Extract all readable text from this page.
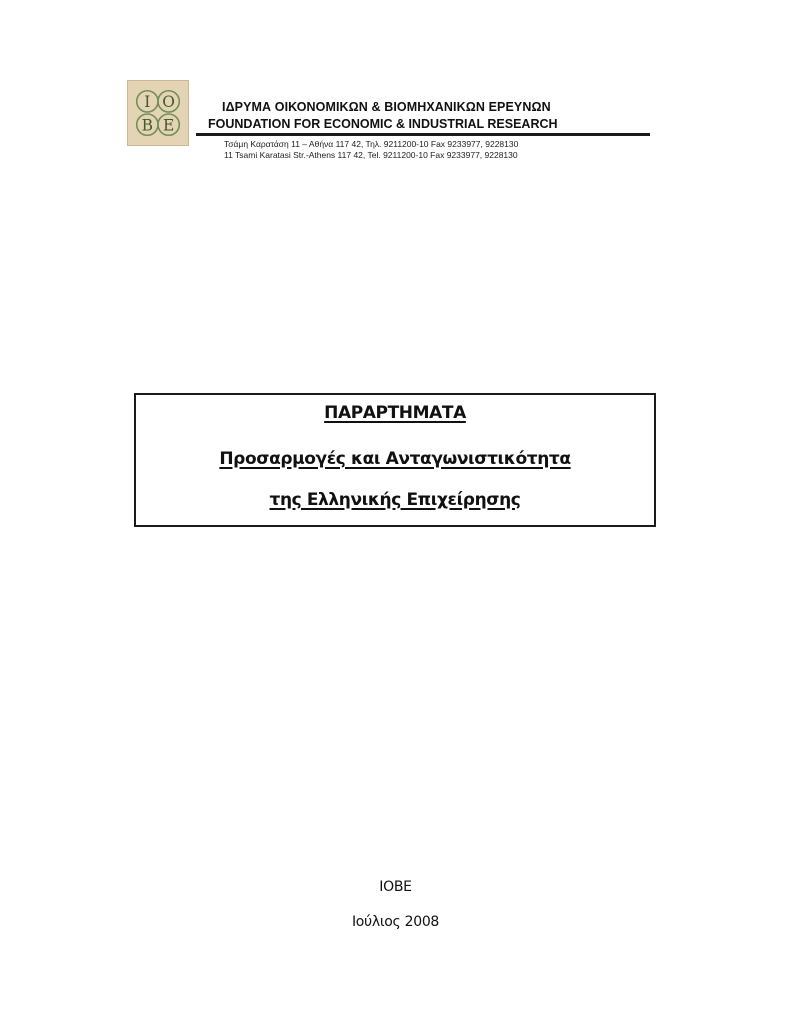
Ι Ο
Β Ε
ΙΔΡΥΜΑ ΟΙΚΟΝΟΜΙΚΩΝ & ΒΙΟΜΗΧΑΝΙΚΩΝ ΕΡΕΥΝΩΝ
FOUNDATION FOR ECONOMIC & INDUSTRIAL RESEARCH
Τσάμη Καρατάση 11 – Αθήνα 117 42, Τηλ. 9211200-10 Fax 9233977, 9228130
11 Tsami Karatasi Str.-Athens 117 42, Tel. 9211200-10 Fax 9233977, 9228130
ΠΑΡΑΡΤΗΜΑΤΑ
Προσαρμογές και Ανταγωνιστικότητα
της Ελληνικής Επιχείρησης
ΙΟΒΕ
Ιούλιος 2008
